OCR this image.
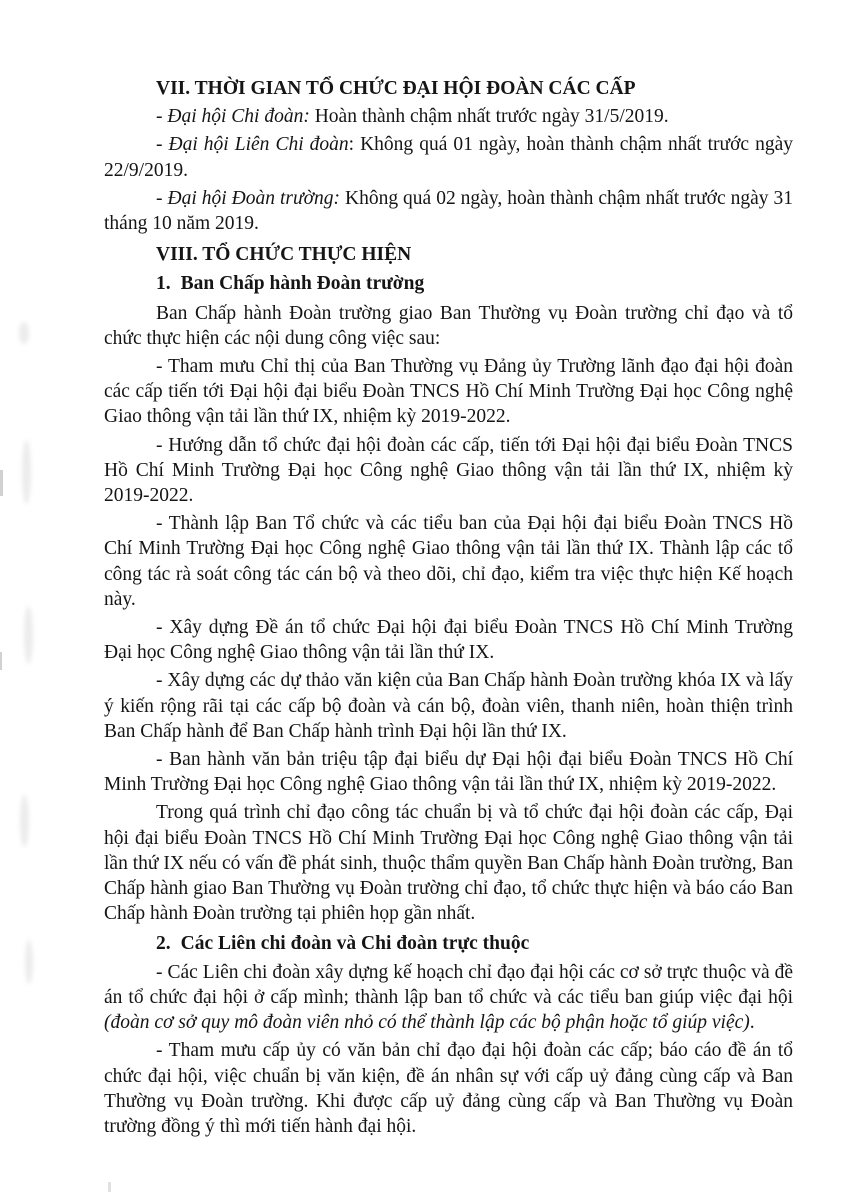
VII. THỜI GIAN TỔ CHỨC ĐẠI HỘI ĐOÀN CÁC CẤP

- Đại hội Chi đoàn: Hoàn thành chậm nhất trước ngày 31/5/2019.

- Đại hội Liên Chi đoàn: Không quá 01 ngày, hoàn thành chậm nhất trước ngày 22/9/2019.

- Đại hội Đoàn trường: Không quá 02 ngày, hoàn thành chậm nhất trước ngày 31 tháng 10 năm 2019.

VIII. TỔ CHỨC THỰC HIỆN

1. Ban Chấp hành Đoàn trường

Ban Chấp hành Đoàn trường giao Ban Thường vụ Đoàn trường chỉ đạo và tổ chức thực hiện các nội dung công việc sau:

- Tham mưu Chỉ thị của Ban Thường vụ Đảng ủy Trường lãnh đạo đại hội đoàn các cấp tiến tới Đại hội đại biểu Đoàn TNCS Hồ Chí Minh Trường Đại học Công nghệ Giao thông vận tải lần thứ IX, nhiệm kỳ 2019-2022.

- Hướng dẫn tổ chức đại hội đoàn các cấp, tiến tới Đại hội đại biểu Đoàn TNCS Hồ Chí Minh Trường Đại học Công nghệ Giao thông vận tải lần thứ IX, nhiệm kỳ 2019-2022.

- Thành lập Ban Tổ chức và các tiểu ban của Đại hội đại biểu Đoàn TNCS Hồ Chí Minh Trường Đại học Công nghệ Giao thông vận tải lần thứ IX. Thành lập các tổ công tác rà soát công tác cán bộ và theo dõi, chỉ đạo, kiểm tra việc thực hiện Kế hoạch này.

- Xây dựng Đề án tổ chức Đại hội đại biểu Đoàn TNCS Hồ Chí Minh Trường Đại học Công nghệ Giao thông vận tải lần thứ IX.

- Xây dựng các dự thảo văn kiện của Ban Chấp hành Đoàn trường khóa IX và lấy ý kiến rộng rãi tại các cấp bộ đoàn và cán bộ, đoàn viên, thanh niên, hoàn thiện trình Ban Chấp hành để Ban Chấp hành trình Đại hội lần thứ IX.

- Ban hành văn bản triệu tập đại biểu dự Đại hội đại biểu Đoàn TNCS Hồ Chí Minh Trường Đại học Công nghệ Giao thông vận tải lần thứ IX, nhiệm kỳ 2019-2022.

Trong quá trình chỉ đạo công tác chuẩn bị và tổ chức đại hội đoàn các cấp, Đại hội đại biểu Đoàn TNCS Hồ Chí Minh Trường Đại học Công nghệ Giao thông vận tải lần thứ IX nếu có vấn đề phát sinh, thuộc thẩm quyền Ban Chấp hành Đoàn trường, Ban Chấp hành giao Ban Thường vụ Đoàn trường chỉ đạo, tổ chức thực hiện và báo cáo Ban Chấp hành Đoàn trường tại phiên họp gần nhất.

2. Các Liên chi đoàn và Chi đoàn trực thuộc

- Các Liên chi đoàn xây dựng kế hoạch chỉ đạo đại hội các cơ sở trực thuộc và đề án tổ chức đại hội ở cấp mình; thành lập ban tổ chức và các tiểu ban giúp việc đại hội (đoàn cơ sở quy mô đoàn viên nhỏ có thể thành lập các bộ phận hoặc tổ giúp việc).

- Tham mưu cấp ủy có văn bản chỉ đạo đại hội đoàn các cấp; báo cáo đề án tổ chức đại hội, việc chuẩn bị văn kiện, đề án nhân sự với cấp uỷ đảng cùng cấp và Ban Thường vụ Đoàn trường. Khi được cấp uỷ đảng cùng cấp và Ban Thường vụ Đoàn trường đồng ý thì mới tiến hành đại hội.
